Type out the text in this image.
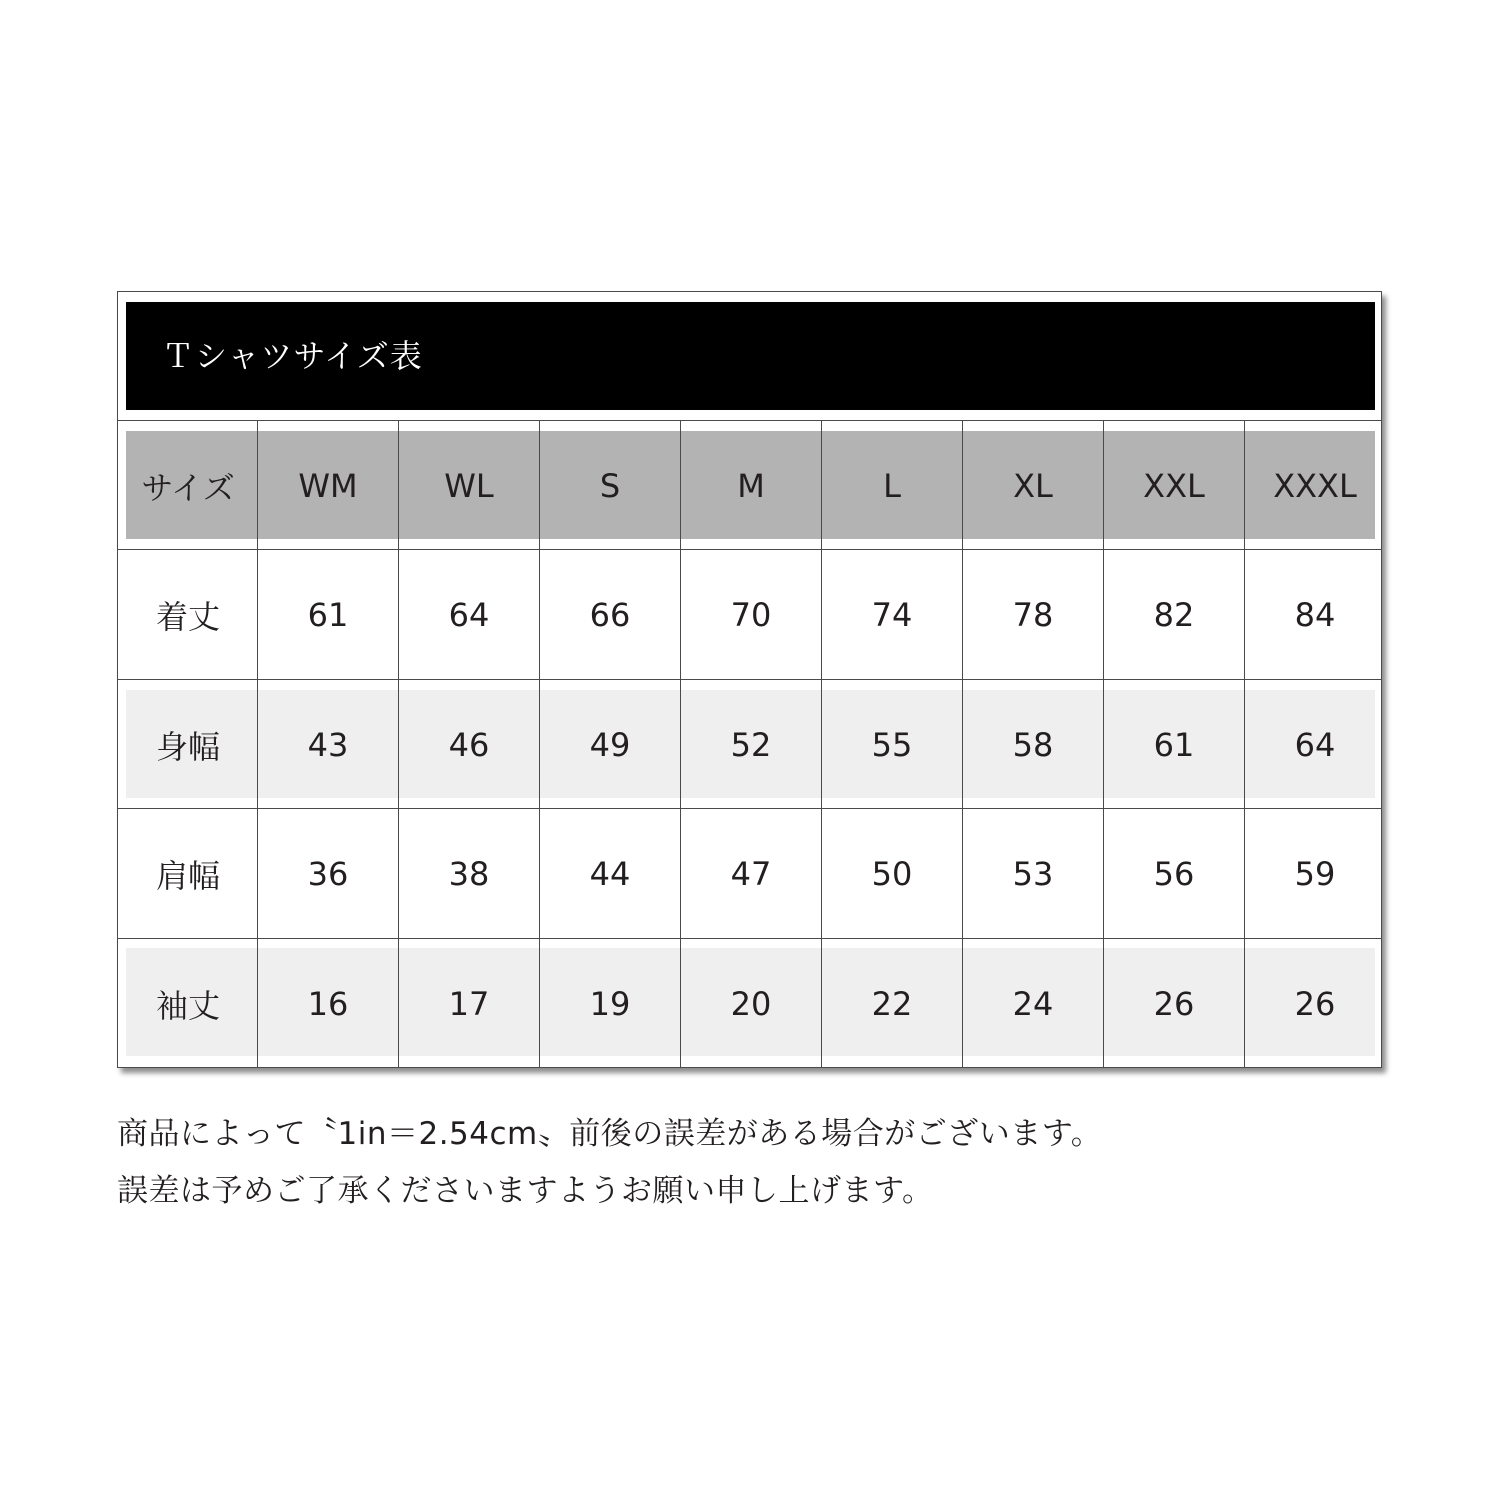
Ｔシャツサイズ表
サイズ	WM	WL	S	M	L	XL	XXL	XXXL
着丈	61	64	66	70	74	78	82	84
身幅	43	46	49	52	55	58	61	64
肩幅	36	38	44	47	50	53	56	59
袖丈	16	17	19	20	22	24	26	26
商品によって〝1in＝2.54cm〟前後の誤差がある場合がございます。
誤差は予めご了承くださいますようお願い申し上げます。
